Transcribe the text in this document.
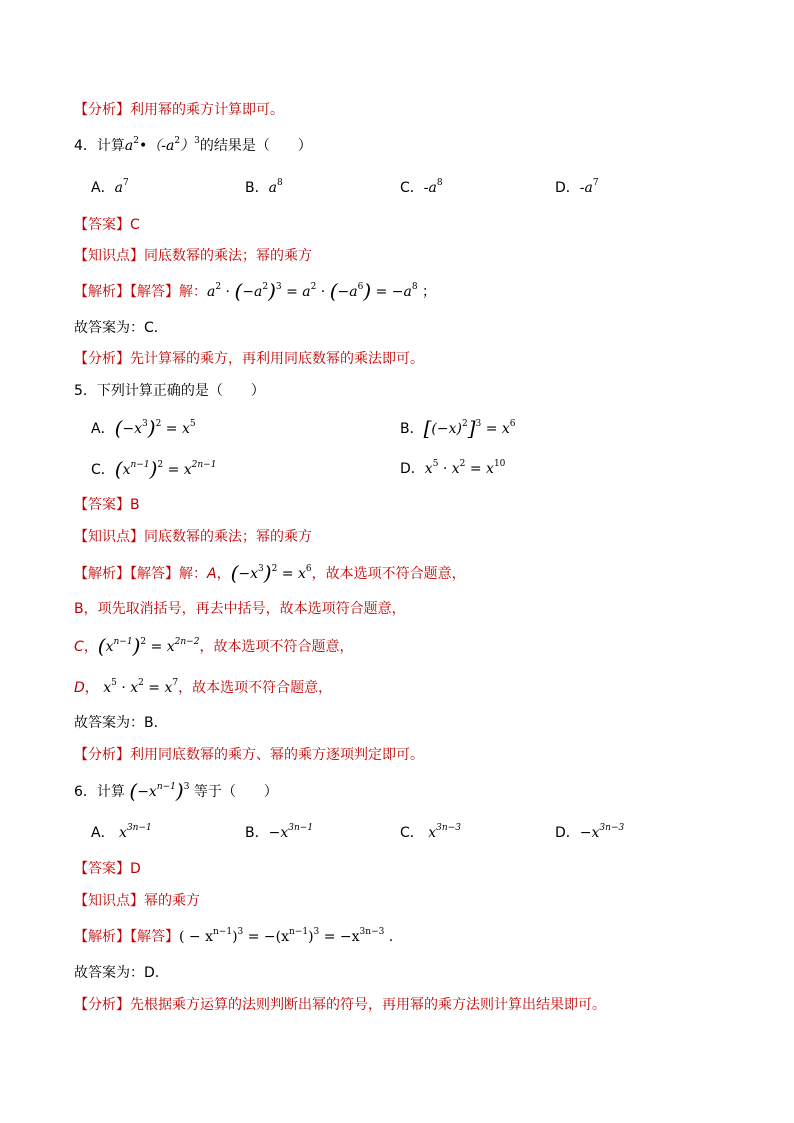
【分析】利用幂的乘方计算即可。
4．计算$a^2•(-a^2)^3$的结果是（　　）
A．$a^7$	B．$a^8$	C．$-a^8$	D．$-a^7$
【答案】C
【知识点】同底数幂的乘法；幂的乘方
【解析】【解答】解：$a^2 \cdot (-a^2)^3 = a^2 \cdot (-a^6) = -a^8$ ；
故答案为：C．
【分析】先计算幂的乘方，再利用同底数幂的乘法即可。
5．下列计算正确的是（　　）
A．$(-x^3)^2 = x^5$	B．$[(-x)^2]^3 = x^6$
C．$(x^{n-1})^2 = x^{2n-1}$	D．$x^5 \cdot x^2 = x^{10}$
【答案】B
【知识点】同底数幂的乘法；幂的乘方
【解析】【解答】解：A，$(-x^3)^2 = x^6$，故本选项不符合题意，
B，项先取消括号，再去中括号，故本选项符合题意，
C，$(x^{n-1})^2 = x^{2n-2}$，故本选项不符合题意，
D， $x^5 \cdot x^2 = x^7$，故本选项不符合题意，
故答案为：B．
【分析】利用同底数幂的乘方、幂的乘方逐项判定即可。
6．计算 $(-x^{n-1})^3$ 等于（　　）
A． $x^{3n-1}$	B．$-x^{3n-1}$	C． $x^{3n-3}$	D．$-x^{3n-3}$
【答案】D
【知识点】幂的乘方
【解析】【解答】( − $x^{n-1})^3 = -(x^{n-1})^3 = -x^{3n-3}$ .
故答案为：D.
【分析】先根据乘方运算的法则判断出幂的符号，再用幂的乘方法则计算出结果即可。
